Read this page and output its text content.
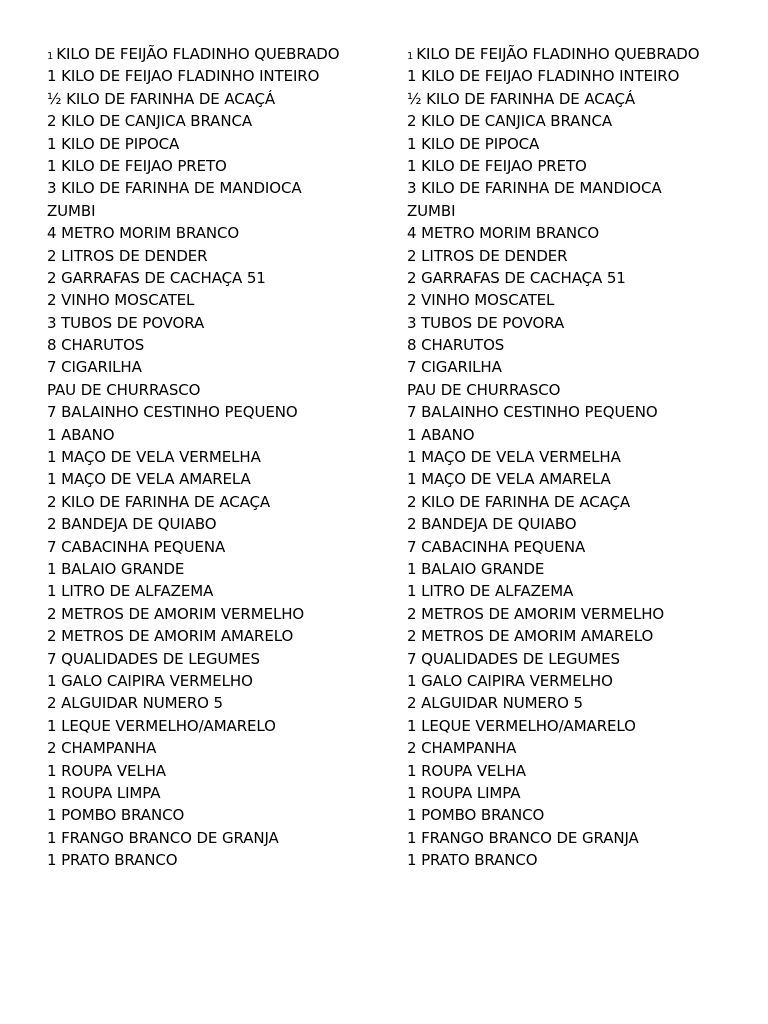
1 KILO DE FEIJÃO FLADINHO QUEBRADO
1 KILO DE FEIJAO FLADINHO INTEIRO
½ KILO DE FARINHA DE ACAÇÁ
2 KILO DE CANJICA BRANCA
1 KILO DE PIPOCA
1 KILO DE FEIJAO PRETO
3 KILO DE FARINHA DE MANDIOCA
ZUMBI
4 METRO MORIM BRANCO
2 LITROS DE DENDER
2 GARRAFAS DE CACHAÇA 51
2 VINHO MOSCATEL
3 TUBOS DE POVORA
8 CHARUTOS
7 CIGARILHA
PAU DE CHURRASCO
7 BALAINHO CESTINHO PEQUENO
1 ABANO
1 MAÇO DE VELA VERMELHA
1 MAÇO DE VELA AMARELA
2 KILO DE FARINHA DE ACAÇA
2 BANDEJA DE QUIABO
7 CABACINHA PEQUENA
1 BALAIO GRANDE
1 LITRO DE ALFAZEMA
2 METROS DE AMORIM VERMELHO
2 METROS DE AMORIM AMARELO
7 QUALIDADES DE LEGUMES
1 GALO CAIPIRA VERMELHO
2 ALGUIDAR NUMERO 5
1 LEQUE VERMELHO/AMARELO
2 CHAMPANHA
1 ROUPA VELHA
1 ROUPA LIMPA
1 POMBO BRANCO
1 FRANGO BRANCO DE GRANJA
1 PRATO BRANCO
1 KILO DE FEIJÃO FLADINHO QUEBRADO
1 KILO DE FEIJAO FLADINHO INTEIRO
½ KILO DE FARINHA DE ACAÇÁ
2 KILO DE CANJICA BRANCA
1 KILO DE PIPOCA
1 KILO DE FEIJAO PRETO
3 KILO DE FARINHA DE MANDIOCA
ZUMBI
4 METRO MORIM BRANCO
2 LITROS DE DENDER
2 GARRAFAS DE CACHAÇA 51
2 VINHO MOSCATEL
3 TUBOS DE POVORA
8 CHARUTOS
7 CIGARILHA
PAU DE CHURRASCO
7 BALAINHO CESTINHO PEQUENO
1 ABANO
1 MAÇO DE VELA VERMELHA
1 MAÇO DE VELA AMARELA
2 KILO DE FARINHA DE ACAÇA
2 BANDEJA DE QUIABO
7 CABACINHA PEQUENA
1 BALAIO GRANDE
1 LITRO DE ALFAZEMA
2 METROS DE AMORIM VERMELHO
2 METROS DE AMORIM AMARELO
7 QUALIDADES DE LEGUMES
1 GALO CAIPIRA VERMELHO
2 ALGUIDAR NUMERO 5
1 LEQUE VERMELHO/AMARELO
2 CHAMPANHA
1 ROUPA VELHA
1 ROUPA LIMPA
1 POMBO BRANCO
1 FRANGO BRANCO DE GRANJA
1 PRATO BRANCO
